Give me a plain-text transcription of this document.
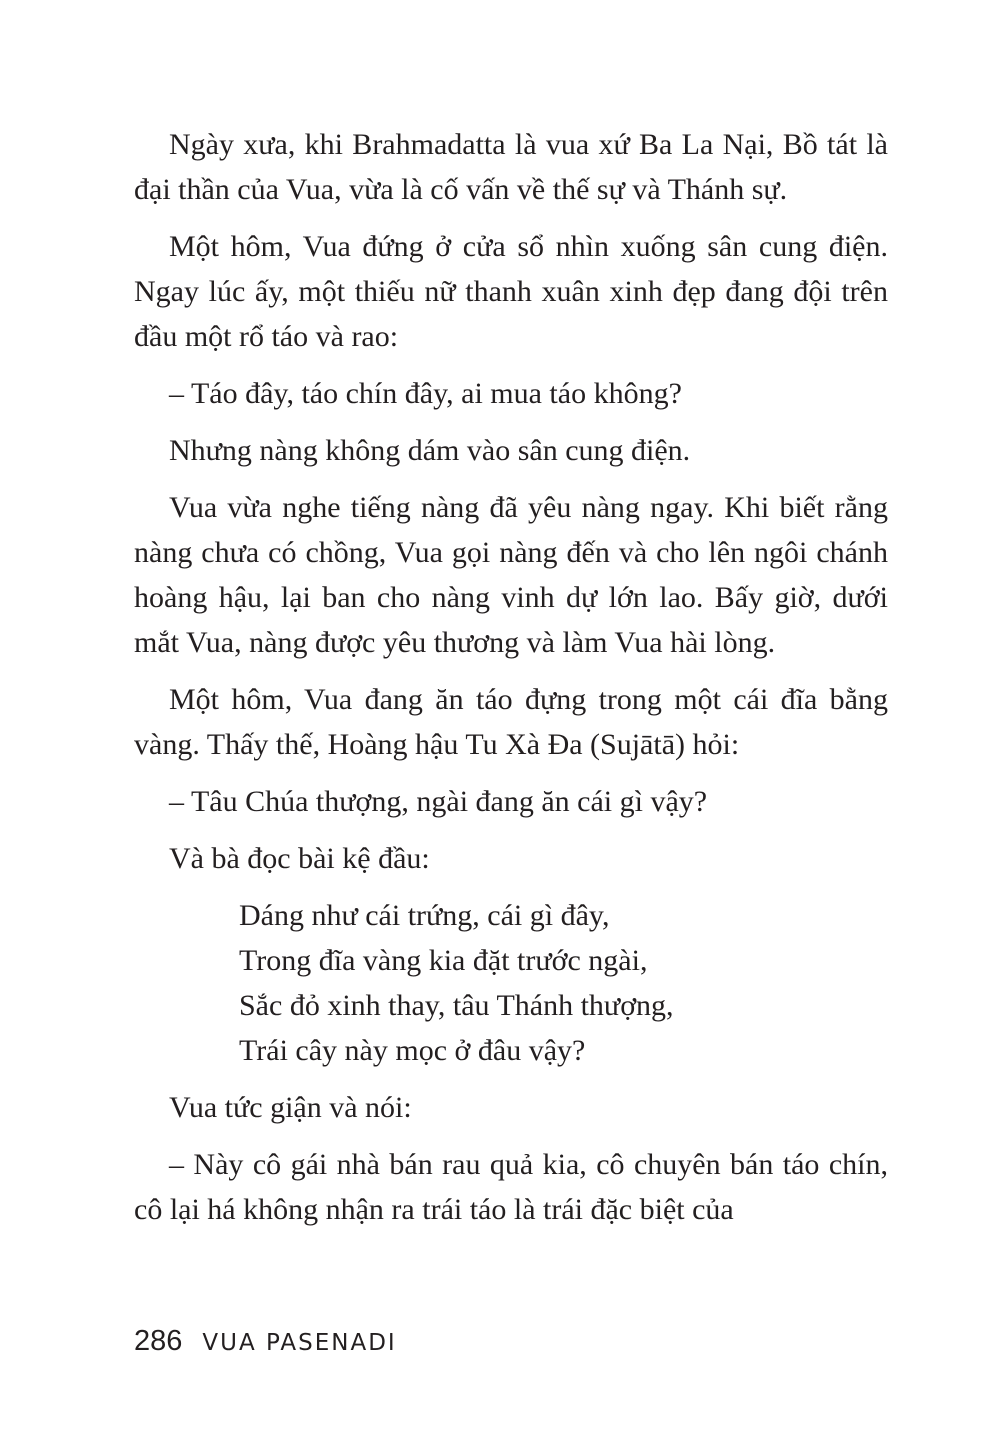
Ngày xưa, khi Brahmadatta là vua xứ Ba La Nại, Bồ tát là đại thần của Vua, vừa là cố vấn về thế sự và Thánh sự.

Một hôm, Vua đứng ở cửa sổ nhìn xuống sân cung điện. Ngay lúc ấy, một thiếu nữ thanh xuân xinh đẹp đang đội trên đầu một rổ táo và rao:

– Táo đây, táo chín đây, ai mua táo không?

Nhưng nàng không dám vào sân cung điện.

Vua vừa nghe tiếng nàng đã yêu nàng ngay. Khi biết rằng nàng chưa có chồng, Vua gọi nàng đến và cho lên ngôi chánh hoàng hậu, lại ban cho nàng vinh dự lớn lao. Bấy giờ, dưới mắt Vua, nàng được yêu thương và làm Vua hài lòng.

Một hôm, Vua đang ăn táo đựng trong một cái đĩa bằng vàng. Thấy thế, Hoàng hậu Tu Xà Đa (Sujātā) hỏi:

– Tâu Chúa thượng, ngài đang ăn cái gì vậy?

Và bà đọc bài kệ đầu:

Dáng như cái trứng, cái gì đây,
Trong đĩa vàng kia đặt trước ngài,
Sắc đỏ xinh thay, tâu Thánh thượng,
Trái cây này mọc ở đâu vậy?

Vua tức giận và nói:

– Này cô gái nhà bán rau quả kia, cô chuyên bán táo chín, cô lại há không nhận ra trái táo là trái đặc biệt của

286 VUA PASENADI
